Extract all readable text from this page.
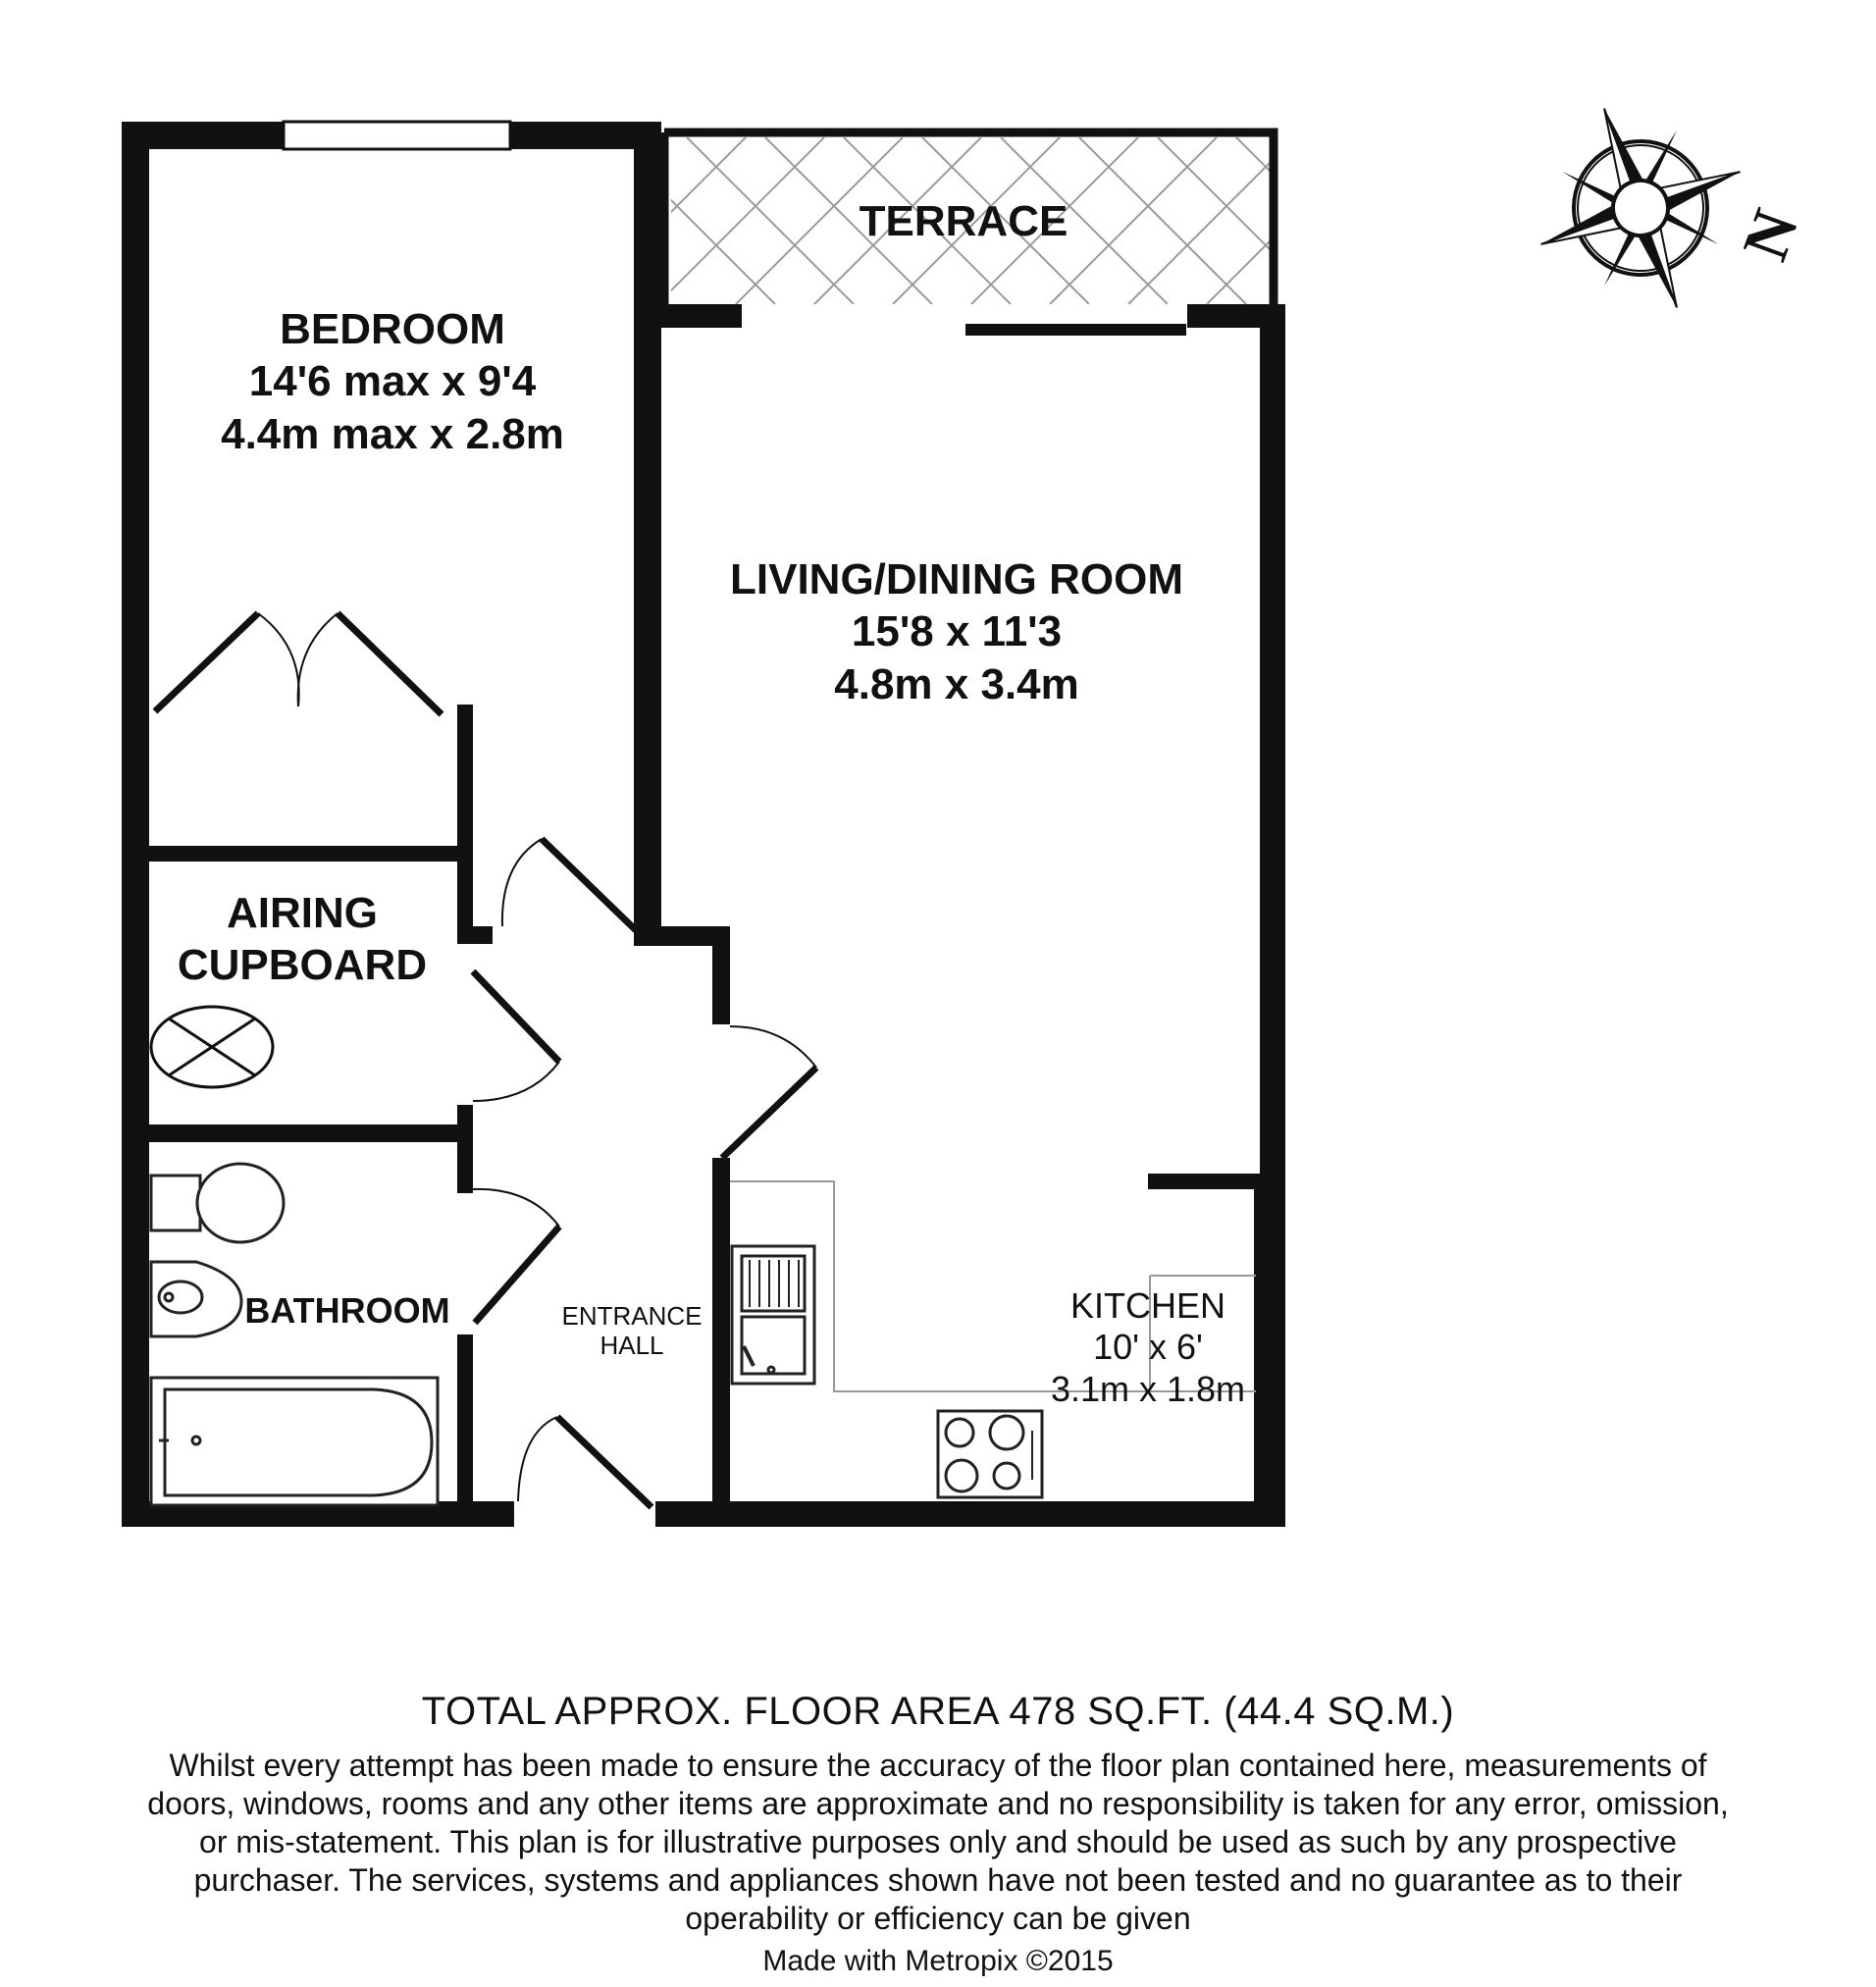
N
TERRACE
BEDROOM
14'6 max x 9'4
4.4m max x 2.8m
LIVING/DINING ROOM
15'8 x 11'3
4.8m x 3.4m
AIRING
CUPBOARD
BATHROOM	ENTRANCE
HALL
KITCHEN
10' x 6'
3.1m x 1.8m
TOTAL APPROX. FLOOR AREA 478 SQ.FT. (44.4 SQ.M.)
Whilst every attempt has been made to ensure the accuracy of the floor plan contained here, measurements of doors, windows, rooms and any other items are approximate and no responsibility is taken for any error, omission, or mis-statement. This plan is for illustrative purposes only and should be used as such by any prospective purchaser. The services, systems and appliances shown have not been tested and no guarantee as to their operability or efficiency can be given
Made with Metropix ©2015
